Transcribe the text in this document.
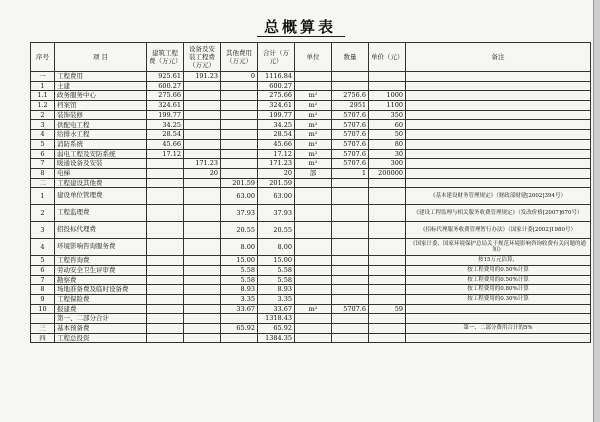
总概算表
序号	项 目	建筑工程费（万元）	设备及安装工程费（万元）	其他费用（万元）	合计（万元）	单位	数量	单价（元）	备注
一	工程费用	925.61	191.23	0	1116.84				
1	土建	600.27			600.27				
1.1	政务服务中心	275.66			275.66	m²	2756.6	1000	
1.2	档案馆	324.61			324.61	m²	2951	1100	
2	装饰装修	199.77			199.77	m²	5707.6	350	
3	供配电工程	34.25			34.25	m²	5707.6	60	
4	给排水工程	28.54			28.54	m²	5707.6	50	
5	消防系统	45.66			45.66	m²	5707.6	80	
6	弱电工程及安防系统	17.12			17.12	m²	5707.6	30	
7	暖通设备及安装		171.23		171.23	m²	5707.6	300	
8	电梯		20		20	部	1	200000	
二	工程建设其他费			201.59	201.59				
1	建设单位管理费			63.00	63.00				《基本建设财务管理规定》（财政部财建[2002]394号）
2	工程监理费			37.93	37.93				《建设工程监理与相关服务收费管理规定》（发改价格[2007]670号）
3	招投标代理费			20.55	20.55				《招标代理服务收费管理暂行办法》（国家计委[2002]1980号）
4	环境影响咨询服务费			8.00	8.00				《国家计委、国家环境保护总局关于规范环境影响咨询收费有关问题的通知》
5	工程咨询费			15.00	15.00				按15万元估算，
6	劳动安全卫生评审费			5.58	5.58				按工程费用的0.50%计算
7	勘察费			5.58	5.58				按工程费用的0.50%计算
8	场地准备费及临时设备费			8.93	8.93				按工程费用的0.80%计算
9	工程保险费			3.35	3.35				按工程费用的0.30%计算
10	报建费			33.67	33.67	m²	5707.6	59	
	第一、二部分合计				1318.43				
三	基本预备费			65.92	65.92				第一、二部分费用合计的5%
四	工程总投资				1384.35				
